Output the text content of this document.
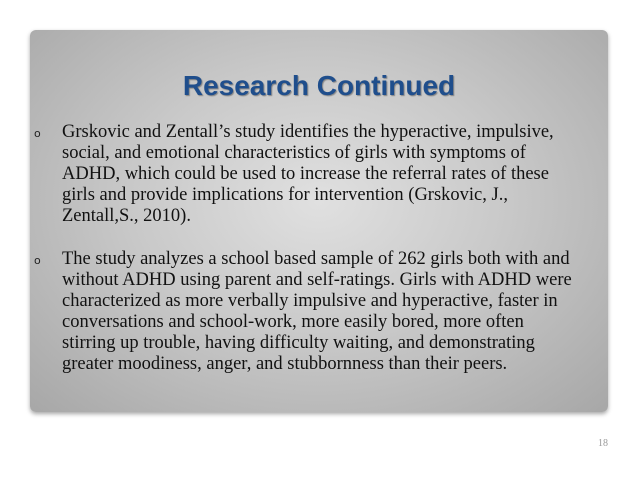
Research Continued
o Grskovic and Zentall’s study identifies the hyperactive, impulsive, social, and emotional characteristics of girls with symptoms of ADHD, which could be used to increase the referral rates of these girls and provide implications for intervention (Grskovic, J., Zentall,S., 2010).
o The study analyzes a school based sample of 262 girls both with and without ADHD using parent and self-ratings. Girls with ADHD were characterized as more verbally impulsive and hyperactive, faster in conversations and school-work, more easily bored, more often stirring up trouble, having difficulty waiting, and demonstrating greater moodiness, anger, and stubbornness than their peers.
18
